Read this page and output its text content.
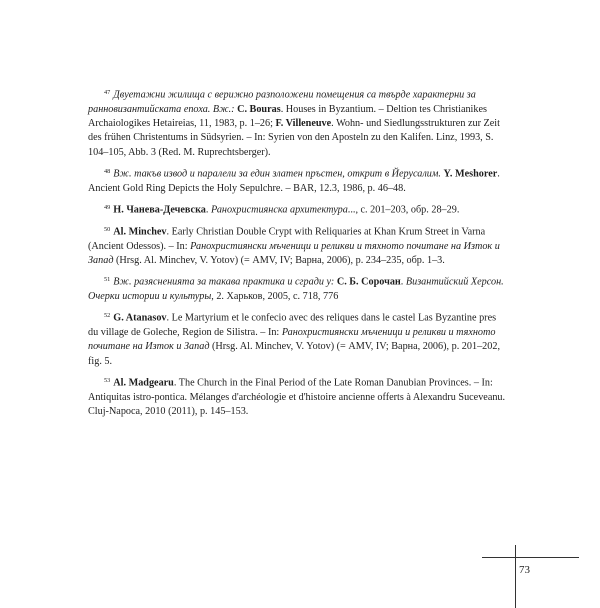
$^{47}$ Двуетажни жилища с верижно разположени помещения са твърде характерни за ранновизантийската епоха. Вж.: C. Bouras. Houses in Byzantium. – Deltion tes Christianikes Archaiologikes Hetaireias, 11, 1983, p. 1–26; F. Villeneuve. Wohn- und Siedlungsstrukturen zur Zeit des frühen Christentums in Südsyrien. – In: Syrien von den Aposteln zu den Kalifen. Linz, 1993, S. 104–105, Abb. 3 (Red. M. Ruprechtsberger).

$^{48}$ Вж. такъв извод и паралели за един златен пръстен, открит в Йерусалим. Y. Meshorer. Ancient Gold Ring Depicts the Holy Sepulchre. – BAR, 12.3, 1986, p. 46–48.

$^{49}$ Н. Чанева-Дечевска. Ранохристиянска архитектура..., с. 201–203, обр. 28–29.

$^{50}$ Al. Minchev. Early Christian Double Crypt with Reliquaries at Khan Krum Street in Varna (Ancient Odessos). – In: Ранохристиянски мъченици и реликви и тяхното почитане на Изток и Запад (Hrsg. Al. Minchev, V. Yotov) (= AMV, IV; Варна, 2006), p. 234–235, обр. 1–3.

$^{51}$ Вж. разясненията за такава практика и сгради у: С. Б. Сорочан. Византийский Херсон. Очерки истории и культуры, 2. Харьков, 2005, с. 718, 776

$^{52}$ G. Atanasov. Le Martyrium et le confecio avec des reliques dans le castel Las Byzantine pres du village de Goleche, Region de Silistra. – In: Ранохристиянски мъченици и реликви и тяхното почитане на Изток и Запад (Hrsg. Al. Minchev, V. Yotov) (= AMV, IV; Варна, 2006), p. 201–202, fig. 5.

$^{53}$ Al. Madgearu. The Church in the Final Period of the Late Roman Danubian Provinces. – In: Antiquitas istro-pontica. Mélanges d'archéologie et d'histoire ancienne offerts à Alexandru Suceveanu. Cluj-Napoca, 2010 (2011), p. 145–153.

73
